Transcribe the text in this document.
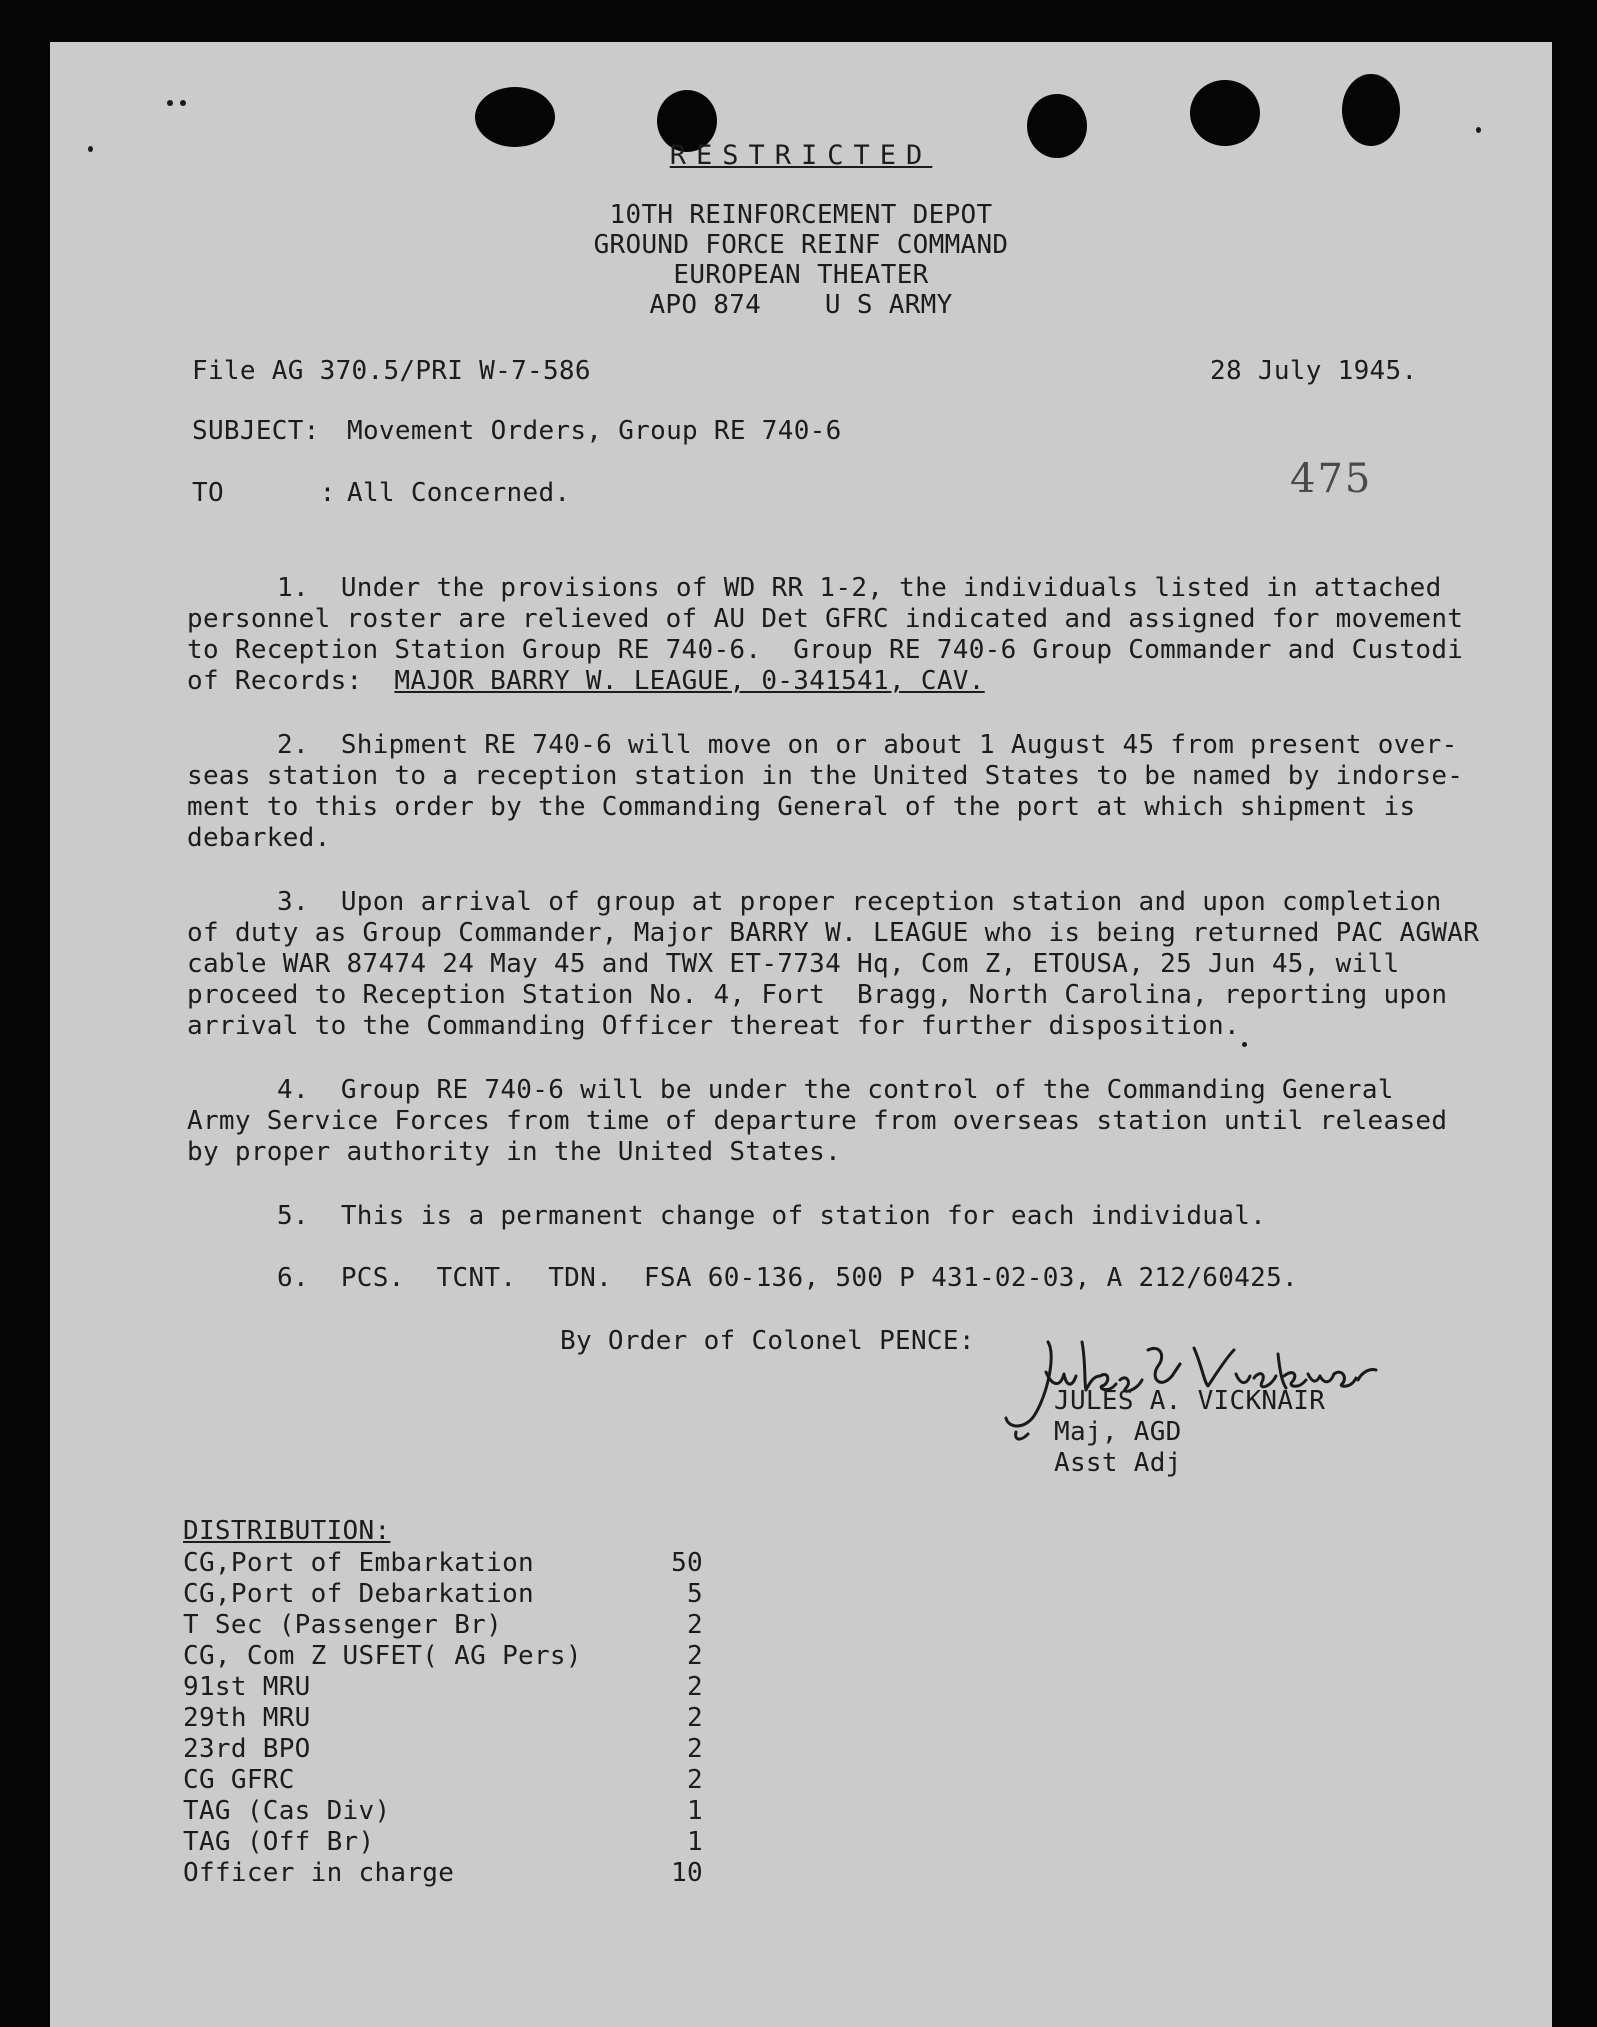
RESTRICTED
10TH REINFORCEMENT DEPOT
GROUND FORCE REINF COMMAND
EUROPEAN THEATER
APO 874    U S ARMY
File AG 370.5/PRI W-7-586	28 July 1945.
SUBJECT: Movement Orders, Group RE 740-6
TO      : All Concerned.	475
1.  Under the provisions of WD RR 1-2, the individuals listed in attached
personnel roster are relieved of AU Det GFRC indicated and assigned for movement
to Reception Station Group RE 740-6.  Group RE 740-6 Group Commander and Custodi
of Records:  MAJOR BARRY W. LEAGUE, 0-341541, CAV.
2.  Shipment RE 740-6 will move on or about 1 August 45 from present over-
seas station to a reception station in the United States to be named by indorse-
ment to this order by the Commanding General of the port at which shipment is
debarked.
3.  Upon arrival of group at proper reception station and upon completion
of duty as Group Commander, Major BARRY W. LEAGUE who is being returned PAC AGWAR
cable WAR 87474 24 May 45 and TWX ET-7734 Hq, Com Z, ETOUSA, 25 Jun 45, will
proceed to Reception Station No. 4, Fort  Bragg, North Carolina, reporting upon
arrival to the Commanding Officer thereat for further disposition.
4.  Group RE 740-6 will be under the control of the Commanding General
Army Service Forces from time of departure from overseas station until released
by proper authority in the United States.
5.  This is a permanent change of station for each individual.
6.  PCS.  TCNT.  TDN.  FSA 60-136, 500 P 431-02-03, A 212/60425.
By Order of Colonel PENCE:
JULES A. VICKNAIR
Maj, AGD
Asst Adj
DISTRIBUTION:
CG,Port of Embarkation	50
CG,Port of Debarkation	5
T Sec (Passenger Br)	2
CG, Com Z USFET( AG Pers)	2
91st MRU	2
29th MRU	2
23rd BPO	2
CG GFRC	2
TAG (Cas Div)	1
TAG (Off Br)	1
Officer in charge	10
